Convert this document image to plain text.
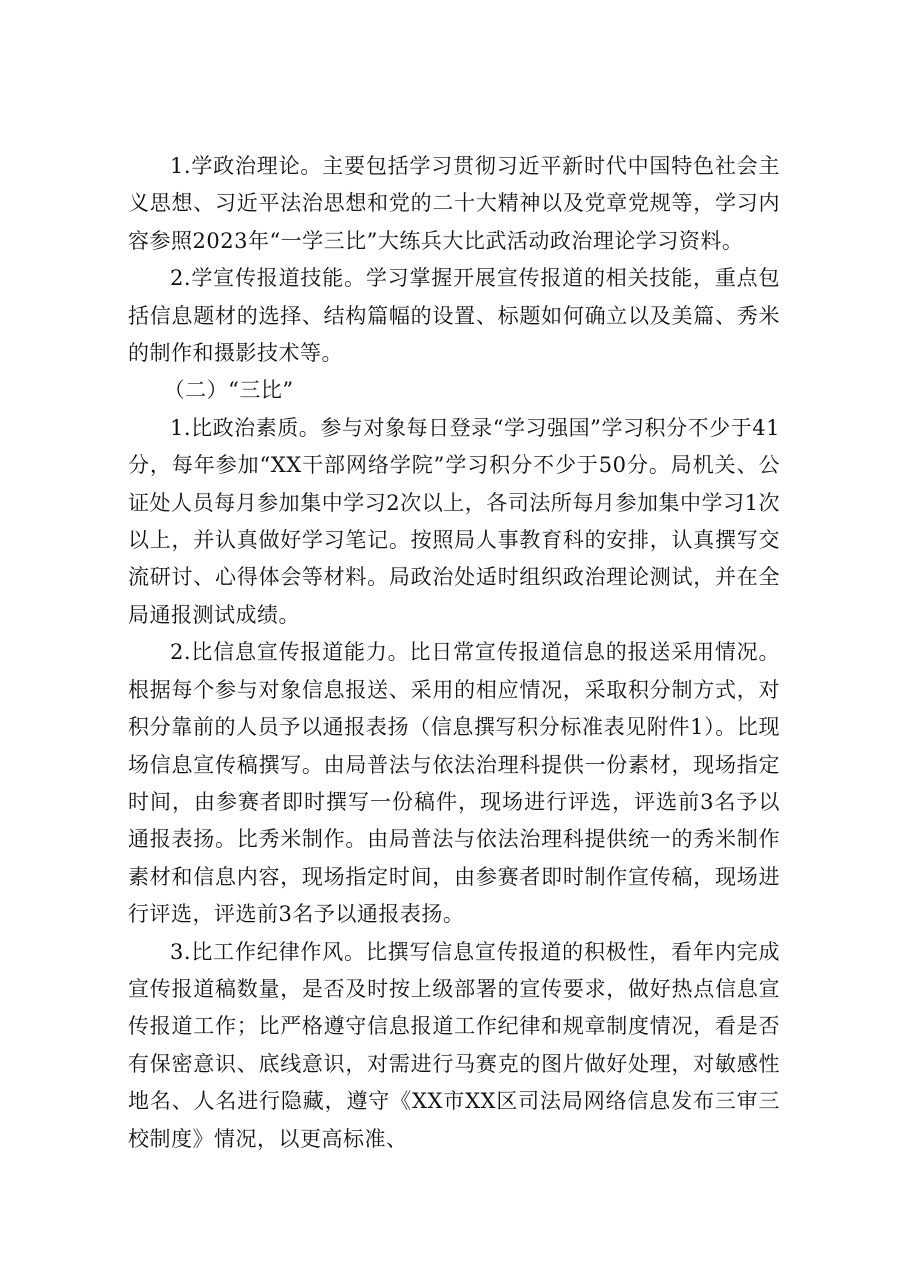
1.学政治理论。主要包括学习贯彻习近平新时代中国特色社会主义思想、习近平法治思想和党的二十大精神以及党章党规等，学习内容参照2023年“一学三比”大练兵大比武活动政治理论学习资料。

2.学宣传报道技能。学习掌握开展宣传报道的相关技能，重点包括信息题材的选择、结构篇幅的设置、标题如何确立以及美篇、秀米的制作和摄影技术等。

（二）“三比”

1.比政治素质。参与对象每日登录“学习强国”学习积分不少于41分，每年参加“XX干部网络学院”学习积分不少于50分。局机关、公证处人员每月参加集中学习2次以上，各司法所每月参加集中学习1次以上，并认真做好学习笔记。按照局人事教育科的安排，认真撰写交流研讨、心得体会等材料。局政治处适时组织政治理论测试，并在全局通报测试成绩。

2.比信息宣传报道能力。比日常宣传报道信息的报送采用情况。根据每个参与对象信息报送、采用的相应情况，采取积分制方式，对积分靠前的人员予以通报表扬（信息撰写积分标准表见附件1）。比现场信息宣传稿撰写。由局普法与依法治理科提供一份素材，现场指定时间，由参赛者即时撰写一份稿件，现场进行评选，评选前3名予以通报表扬。比秀米制作。由局普法与依法治理科提供统一的秀米制作素材和信息内容，现场指定时间，由参赛者即时制作宣传稿，现场进行评选，评选前3名予以通报表扬。

3.比工作纪律作风。比撰写信息宣传报道的积极性，看年内完成宣传报道稿数量，是否及时按上级部署的宣传要求，做好热点信息宣传报道工作；比严格遵守信息报道工作纪律和规章制度情况，看是否有保密意识、底线意识，对需进行马赛克的图片做好处理，对敏感性地名、人名进行隐藏，遵守《XX市XX区司法局网络信息发布三审三校制度》情况，以更高标准、
